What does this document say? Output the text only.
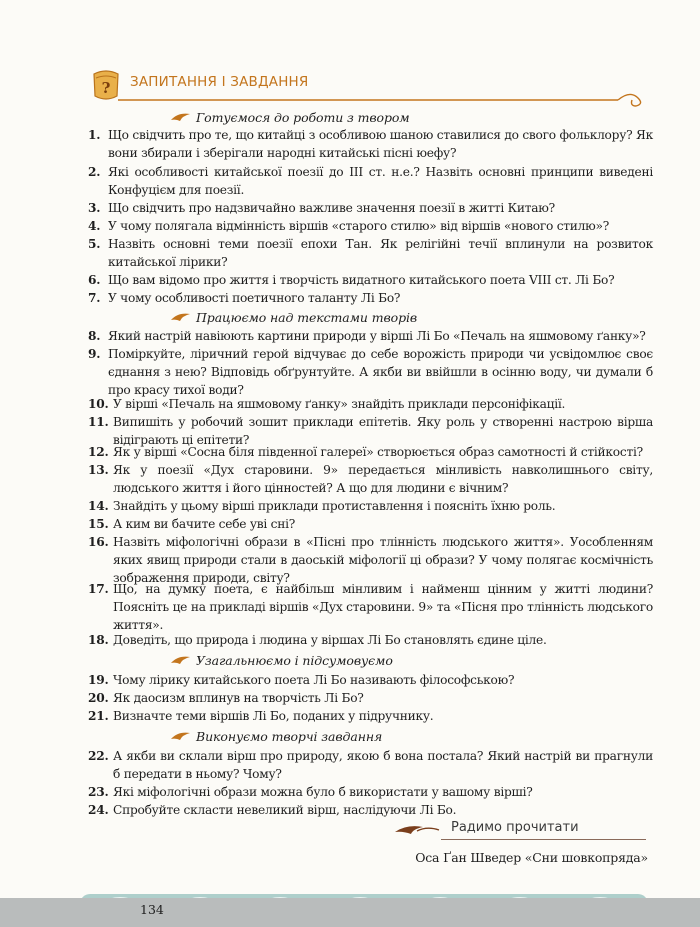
? ЗАПИТАННЯ І ЗАВДАННЯ
Готуємося до роботи з твором
1. Що свідчить про те, що китайці з особливою шаною ставилися до свого фольклору? Як вони збирали і зберігали народні китайські пісні юефу?
2. Які особливості китайської поезії до III ст. н.е.? Назвіть основні принципи виведені Конфуцієм для поезії.
3. Що свідчить про надзвичайно важливе значення поезії в житті Китаю?
4. У чому полягала відмінність віршів «старого стилю» від віршів «нового стилю»?
5. Назвіть основні теми поезії епохи Тан. Як релігійні течії вплинули на розвиток китайської лірики?
6. Що вам відомо про життя і творчість видатного китайського поета VIII ст. Лі Бо?
7. У чому особливості поетичного таланту Лі Бо?
Працюємо над текстами творів
8. Який настрій навіюють картини природи у вірші Лі Бо «Печаль на яшмовому ґанку»?
9. Поміркуйте, ліричний герой відчуває до себе ворожість природи чи усвідомлює своє єднання з нею? Відповідь обґрунтуйте. А якби ви ввійшли в осінню воду, чи думали б про красу тихої води?
10. У вірші «Печаль на яшмовому ґанку» знайдіть приклади персоніфікації.
11. Випишіть у робочий зошит приклади епітетів. Яку роль у створенні настрою вірша відіграють ці епітети?
12. Як у вірші «Сосна біля південної галереї» створюється образ самотності й стійкості?
13. Як у поезії «Дух старовини. 9» передається мінливість навколишнього світу, людського життя і його цінностей? А що для людини є вічним?
14. Знайдіть у цьому вірші приклади протиставлення і поясніть їхню роль.
15. А ким ви бачите себе уві сні?
16. Назвіть міфологічні образи в «Пісні про тлінність людського життя». Уособленням яких явищ природи стали в даоській міфології ці образи? У чому полягає космічність зображення природи, світу?
17. Що, на думку поета, є найбільш мінливим і найменш цінним у житті людини? Поясніть це на прикладі віршів «Дух старовини. 9» та «Пісня про тлінність людського життя».
18. Доведіть, що природа і людина у віршах Лі Бо становлять єдине ціле.
Узагальнюємо і підсумовуємо
19. Чому лірику китайського поета Лі Бо називають філософською?
20. Як даосизм вплинув на творчість Лі Бо?
21. Визначте теми віршів Лі Бо, поданих у підручнику.
Виконуємо творчі завдання
22. А якби ви склали вірш про природу, якою б вона постала? Який настрій ви прагнули б передати в ньому? Чому?
23. Які міфологічні образи можна було б використати у вашому вірші?
24. Спробуйте скласти невеликий вірш, наслідуючи Лі Бо.
Радимо прочитати
Оса Ґан Шведер «Сни шовкопряда»
134
